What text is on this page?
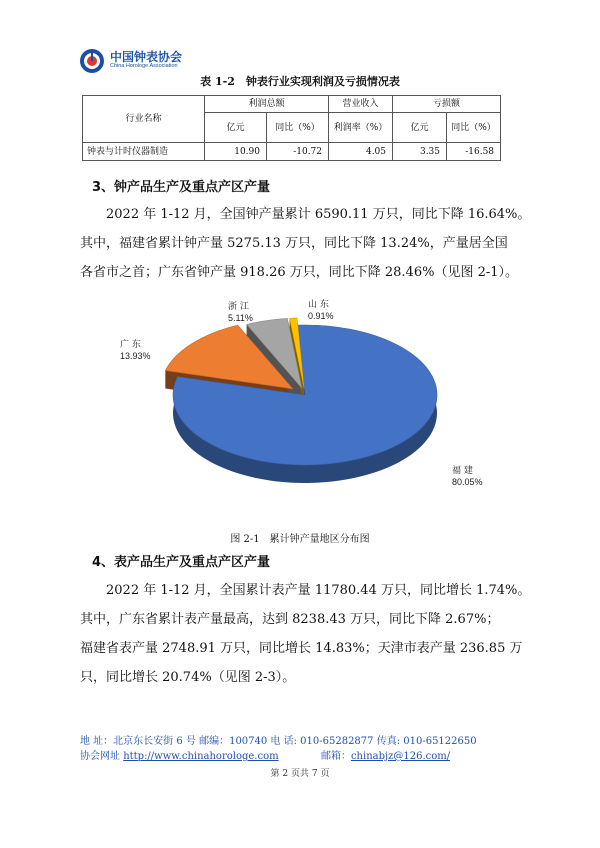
中国钟表协会
China Horologe Association
表 1-2　钟表行业实现利润及亏损情况表
行业名称	利润总额		营业收入	亏损额	
	亿元	同比（%）	利润率（%）	亿元	同比（%）
钟表与计时仪器制造	10.90	-10.72	4.05	3.35	-16.58
3、钟产品生产及重点产区产量

　　2022 年 1-12 月，全国钟产量累计 6590.11 万只，同比下降 16.64%。

其中，福建省累计钟产量 5275.13 万只，同比下降 13.24%，产量居全国

各省市之首；广东省钟产量 918.26 万只，同比下降 28.46%（见图 2-1）。

福 建
80.05%
广 东
13.93%
浙 江
5.11%
山 东
0.91%
图 2-1　累计钟产量地区分布图
4、表产品生产及重点产区产量

　　2022 年 1-12 月，全国累计表产量 11780.44 万只，同比增长 1.74%。

其中，广东省累计表产量最高，达到 8238.43 万只，同比下降 2.67%；

福建省表产量 2748.91 万只，同比增长 14.83%；天津市表产量 236.85 万

只，同比增长 20.74%（见图 2-3）。

地 址：北京东长安街 6 号 邮编：100740 电 话: 010-65282877 传真: 010-65122650
协会网址 http://www.chinahorologe.com	邮箱：chinabjz@126.com/
第 2 页共 7 页
